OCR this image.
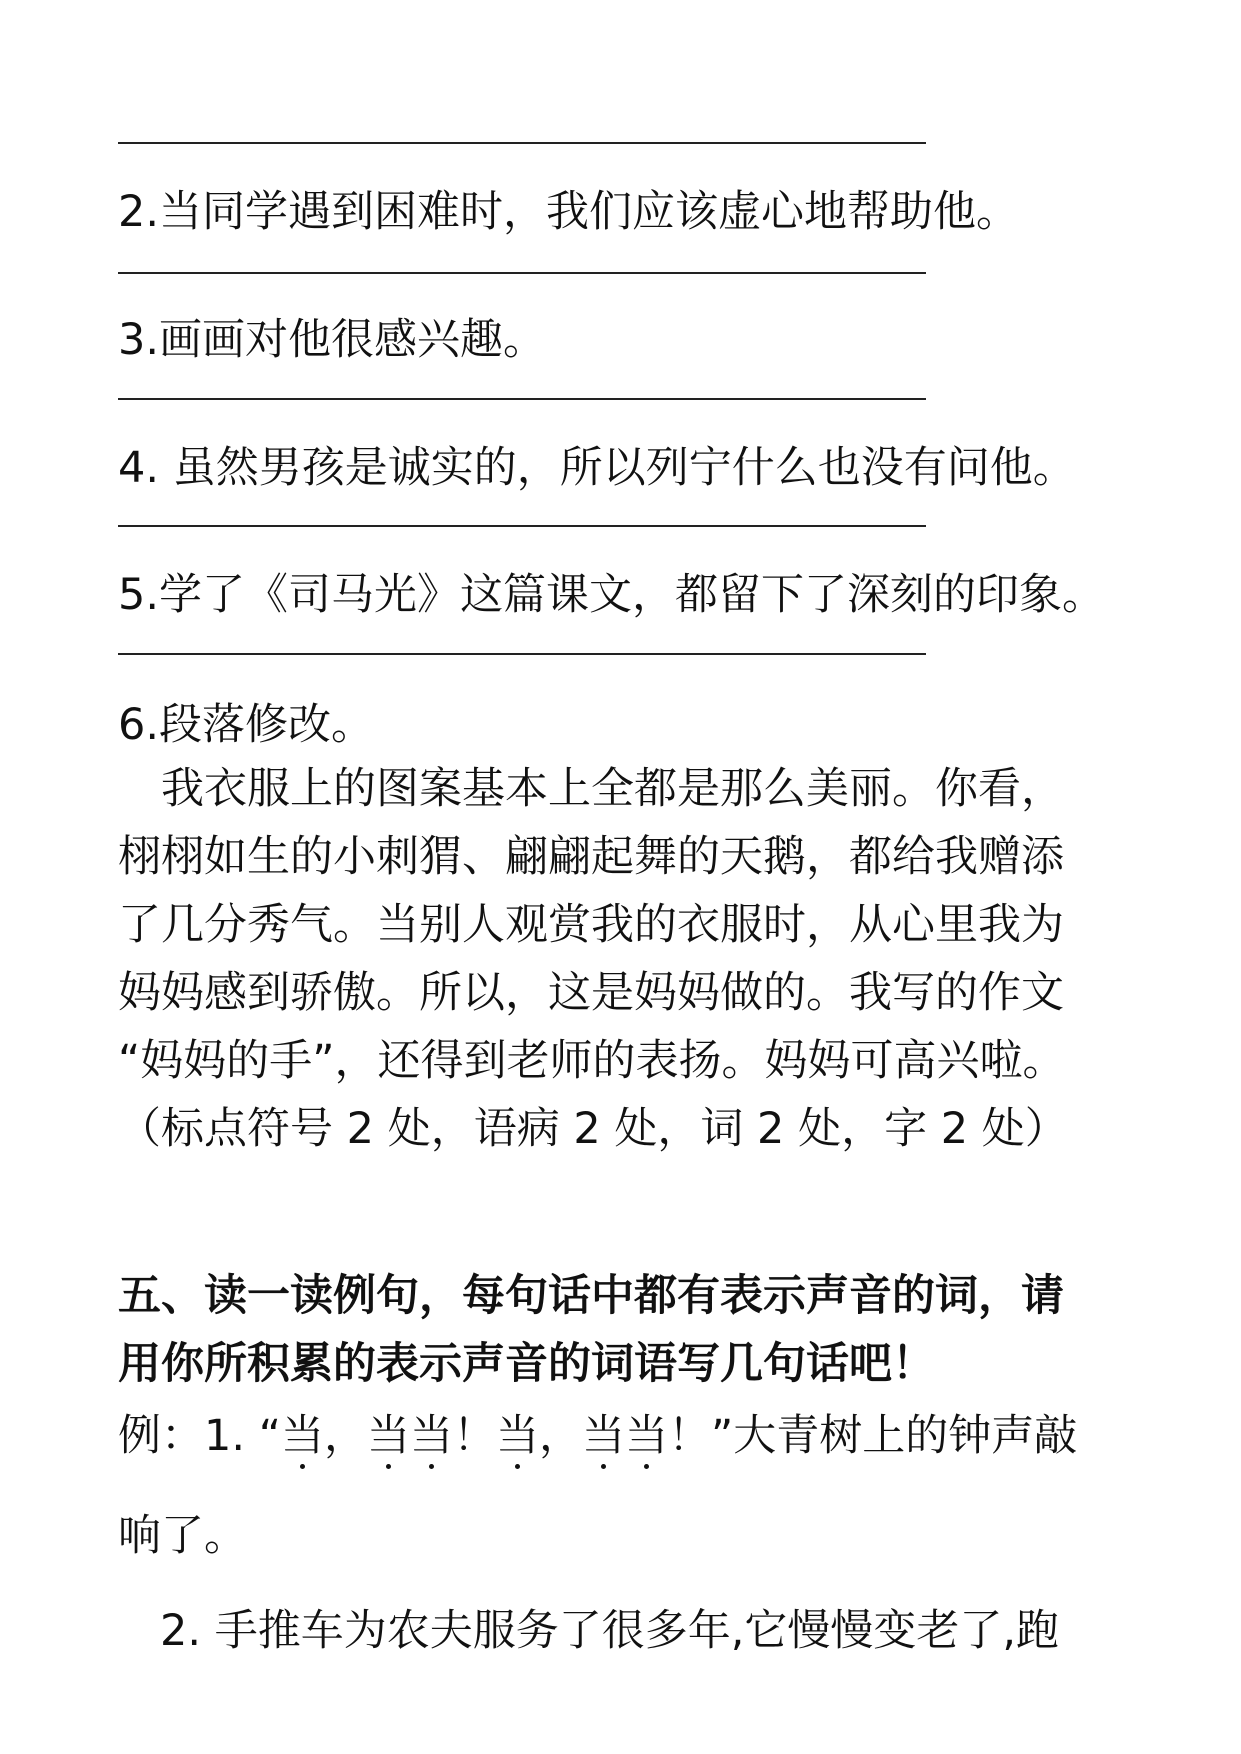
2.当同学遇到困难时，我们应该虚心地帮助他。
3.画画对他很感兴趣。
4. 虽然男孩是诚实的，所以列宁什么也没有问他。
5.学了《司马光》这篇课文，都留下了深刻的印象。
6.段落修改。
　我衣服上的图案基本上全都是那么美丽。你看，
栩栩如生的小刺猬、翩翩起舞的天鹅，都给我赠添
了几分秀气。当别人观赏我的衣服时，从心里我为
妈妈感到骄傲。所以，这是妈妈做的。我写的作文
“妈妈的手”，还得到老师的表扬。妈妈可高兴啦。
（标点符号 2 处，语病 2 处，词 2 处，字 2 处）
五、读一读例句，每句话中都有表示声音的词，请
用你所积累的表示声音的词语写几句话吧！
例：1. “当，当当！当，当当！”大青树上的钟声敲
响了。
2. 手推车为农夫服务了很多年,它慢慢变老了,跑
